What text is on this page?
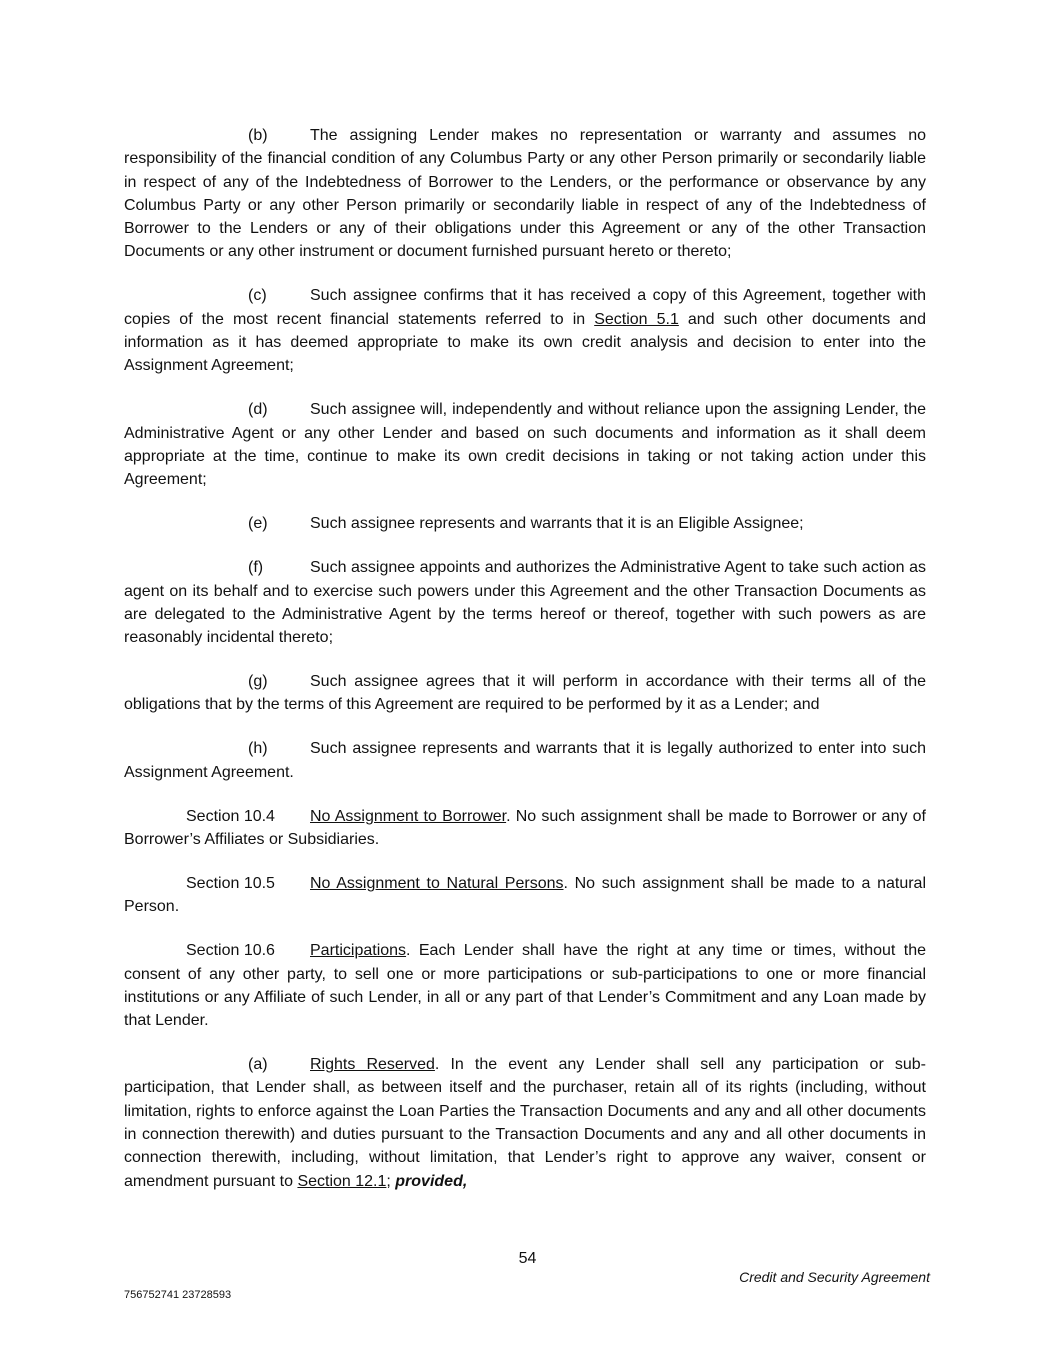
(b)	The assigning Lender makes no representation or warranty and assumes no responsibility of the financial condition of any Columbus Party or any other Person primarily or secondarily liable in respect of any of the Indebtedness of Borrower to the Lenders, or the performance or observance by any Columbus Party or any other Person primarily or secondarily liable in respect of any of the Indebtedness of Borrower to the Lenders or any of their obligations under this Agreement or any of the other Transaction Documents or any other instrument or document furnished pursuant hereto or thereto;

(c)	Such assignee confirms that it has received a copy of this Agreement, together with copies of the most recent financial statements referred to in Section 5.1 and such other documents and information as it has deemed appropriate to make its own credit analysis and decision to enter into the Assignment Agreement;

(d)	Such assignee will, independently and without reliance upon the assigning Lender, the Administrative Agent or any other Lender and based on such documents and information as it shall deem appropriate at the time, continue to make its own credit decisions in taking or not taking action under this Agreement;

(e)	Such assignee represents and warrants that it is an Eligible Assignee;

(f)	Such assignee appoints and authorizes the Administrative Agent to take such action as agent on its behalf and to exercise such powers under this Agreement and the other Transaction Documents as are delegated to the Administrative Agent by the terms hereof or thereof, together with such powers as are reasonably incidental thereto;

(g)	Such assignee agrees that it will perform in accordance with their terms all of the obligations that by the terms of this Agreement are required to be performed by it as a Lender; and

(h)	Such assignee represents and warrants that it is legally authorized to enter into such Assignment Agreement.

Section 10.4 No Assignment to Borrower. No such assignment shall be made to Borrower or any of Borrower’s Affiliates or Subsidiaries.

Section 10.5 No Assignment to Natural Persons. No such assignment shall be made to a natural Person.

Section 10.6 Participations. Each Lender shall have the right at any time or times, without the consent of any other party, to sell one or more participations or sub-participations to one or more financial institutions or any Affiliate of such Lender, in all or any part of that Lender’s Commitment and any Loan made by that Lender.

(a)	Rights Reserved. In the event any Lender shall sell any participation or sub-participation, that Lender shall, as between itself and the purchaser, retain all of its rights (including, without limitation, rights to enforce against the Loan Parties the Transaction Documents and any and all other documents in connection therewith) and duties pursuant to the Transaction Documents and any and all other documents in connection therewith, including, without limitation, that Lender’s right to approve any waiver, consent or amendment pursuant to Section 12.1; provided,

54
Credit and Security Agreement
756752741 23728593
